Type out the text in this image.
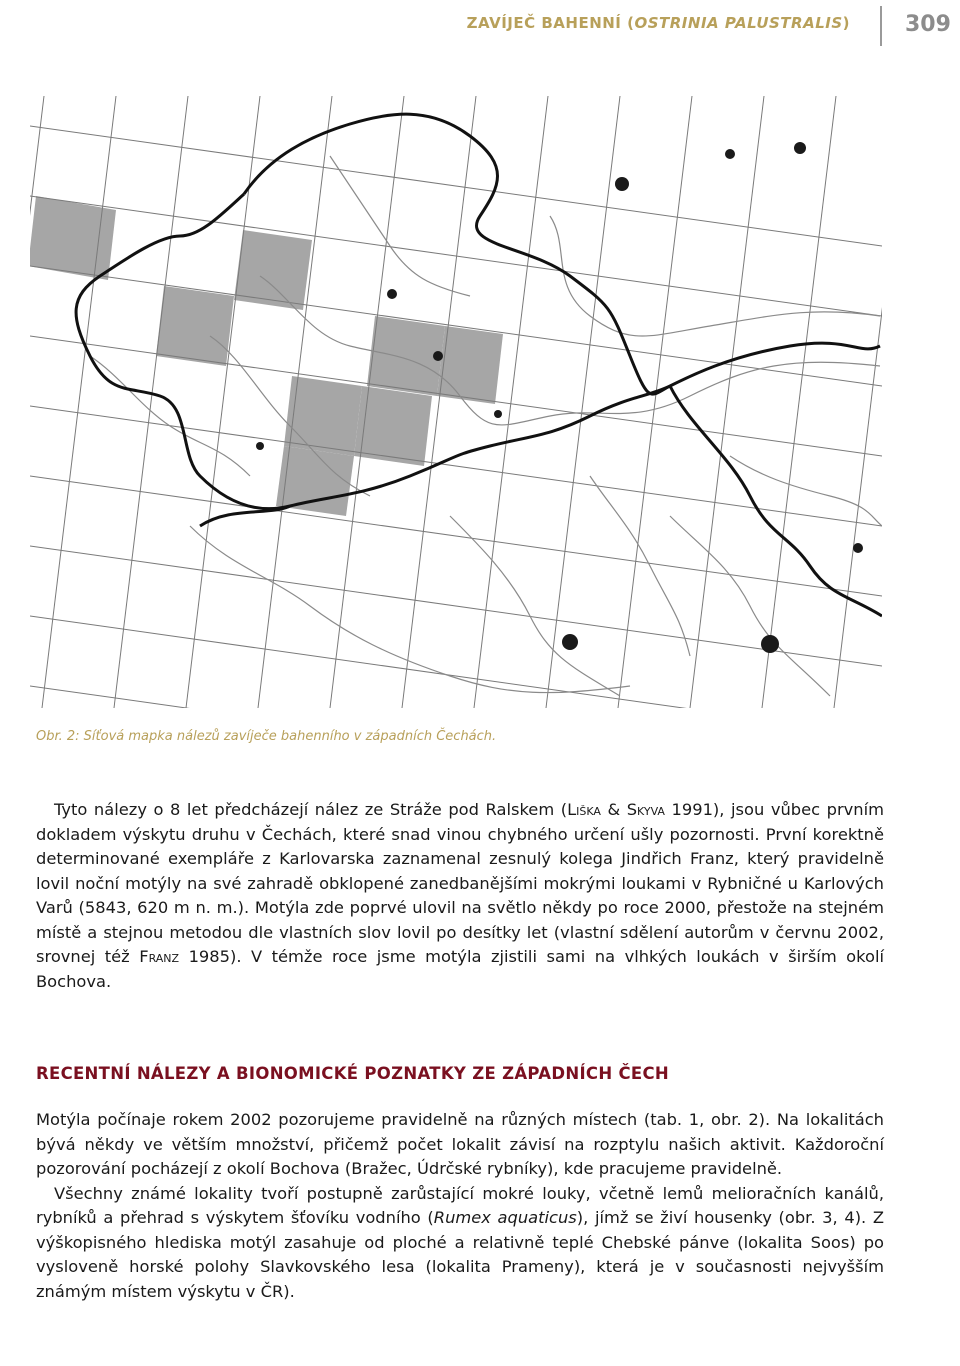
ZAVÍJEČ BAHENNÍ (OSTRINIA PALUSTRALIS)	309
Obr. 2: Síťová mapka nálezů zavíječe bahenního v západních Čechách.

Tyto nálezy o 8 let předcházejí nález ze Stráže pod Ralskem (Liška & Skyva 1991), jsou vůbec prvním dokladem výskytu druhu v Čechách, které snad vinou chybného určení ušly pozornosti. První korektně determinované exempláře z Karlovarska zaznamenal zesnulý kolega Jindřich Franz, který pravidelně lovil noční motýly na své zahradě obklopené zanedbanějšími mokrými loukami v Rybničné u Karlových Varů (5843, 620 m n. m.). Motýla zde poprvé ulovil na světlo někdy po roce 2000, přestože na stejném místě a stejnou metodou dle vlastních slov lovil po desítky let (vlastní sdělení autorům v červnu 2002, srovnej též Franz 1985). V témže roce jsme motýla zjistili sami na vlhkých loukách v širším okolí Bochova.

RECENTNÍ NÁLEZY A BIONOMICKÉ POZNATKY ZE ZÁPADNÍCH ČECH

Motýla počínaje rokem 2002 pozorujeme pravidelně na různých místech (tab. 1, obr. 2). Na lokalitách bývá někdy ve větším množství, přičemž počet lokalit závisí na rozptylu našich aktivit. Každoroční pozorování pocházejí z okolí Bochova (Bražec, Údrčské rybníky), kde pracujeme pravidelně.

Všechny známé lokality tvoří postupně zarůstající mokré louky, včetně lemů melioračních kanálů, rybníků a přehrad s výskytem šťovíku vodního (Rumex aquaticus), jímž se živí housenky (obr. 3, 4). Z výškopisného hlediska motýl zasahuje od ploché a relativně teplé Chebské pánve (lokalita Soos) po vysloveně horské polohy Slavkovského lesa (lokalita Prameny), která je v současnosti nejvyšším známým místem výskytu v ČR).
